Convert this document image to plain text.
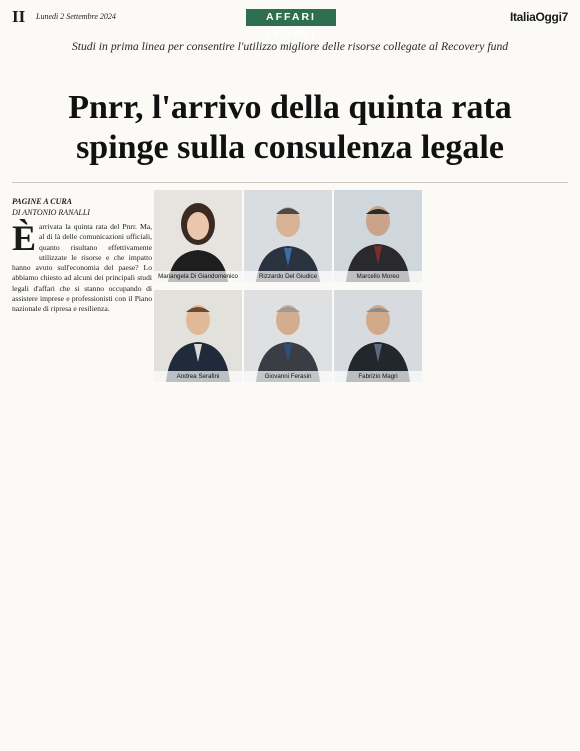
II Lunedì 2 Settembre 2024	AFFARI LEGALI
ItaliaOggi7
Studi in prima linea per consentire l'utilizzo migliore delle risorse collegate al Recovery fund
Pnrr, l'arrivo della quinta rata
spinge sulla consulenza legale
PAGINE A CURA
DI ANTONIO RANALLI
È arrivata la quinta rata del Pnrr. Ma, al di là delle comunicazioni ufficiali, quanto risultano effettivamente utilizzate le risorse e che impatto hanno avuto sull'economia del paese? Lo abbiamo chiesto ad alcuni dei principali studi legali d'affari che si stanno occupando di assistere imprese e professionisti con il Piano nazionale di ripresa e resilienza.

Mariangela Di Giandomenico	Rizzardo Del Giudice	Marcello Moreo
Andrea Serafini	Giovanni Ferasin	Fabrizio Magri
